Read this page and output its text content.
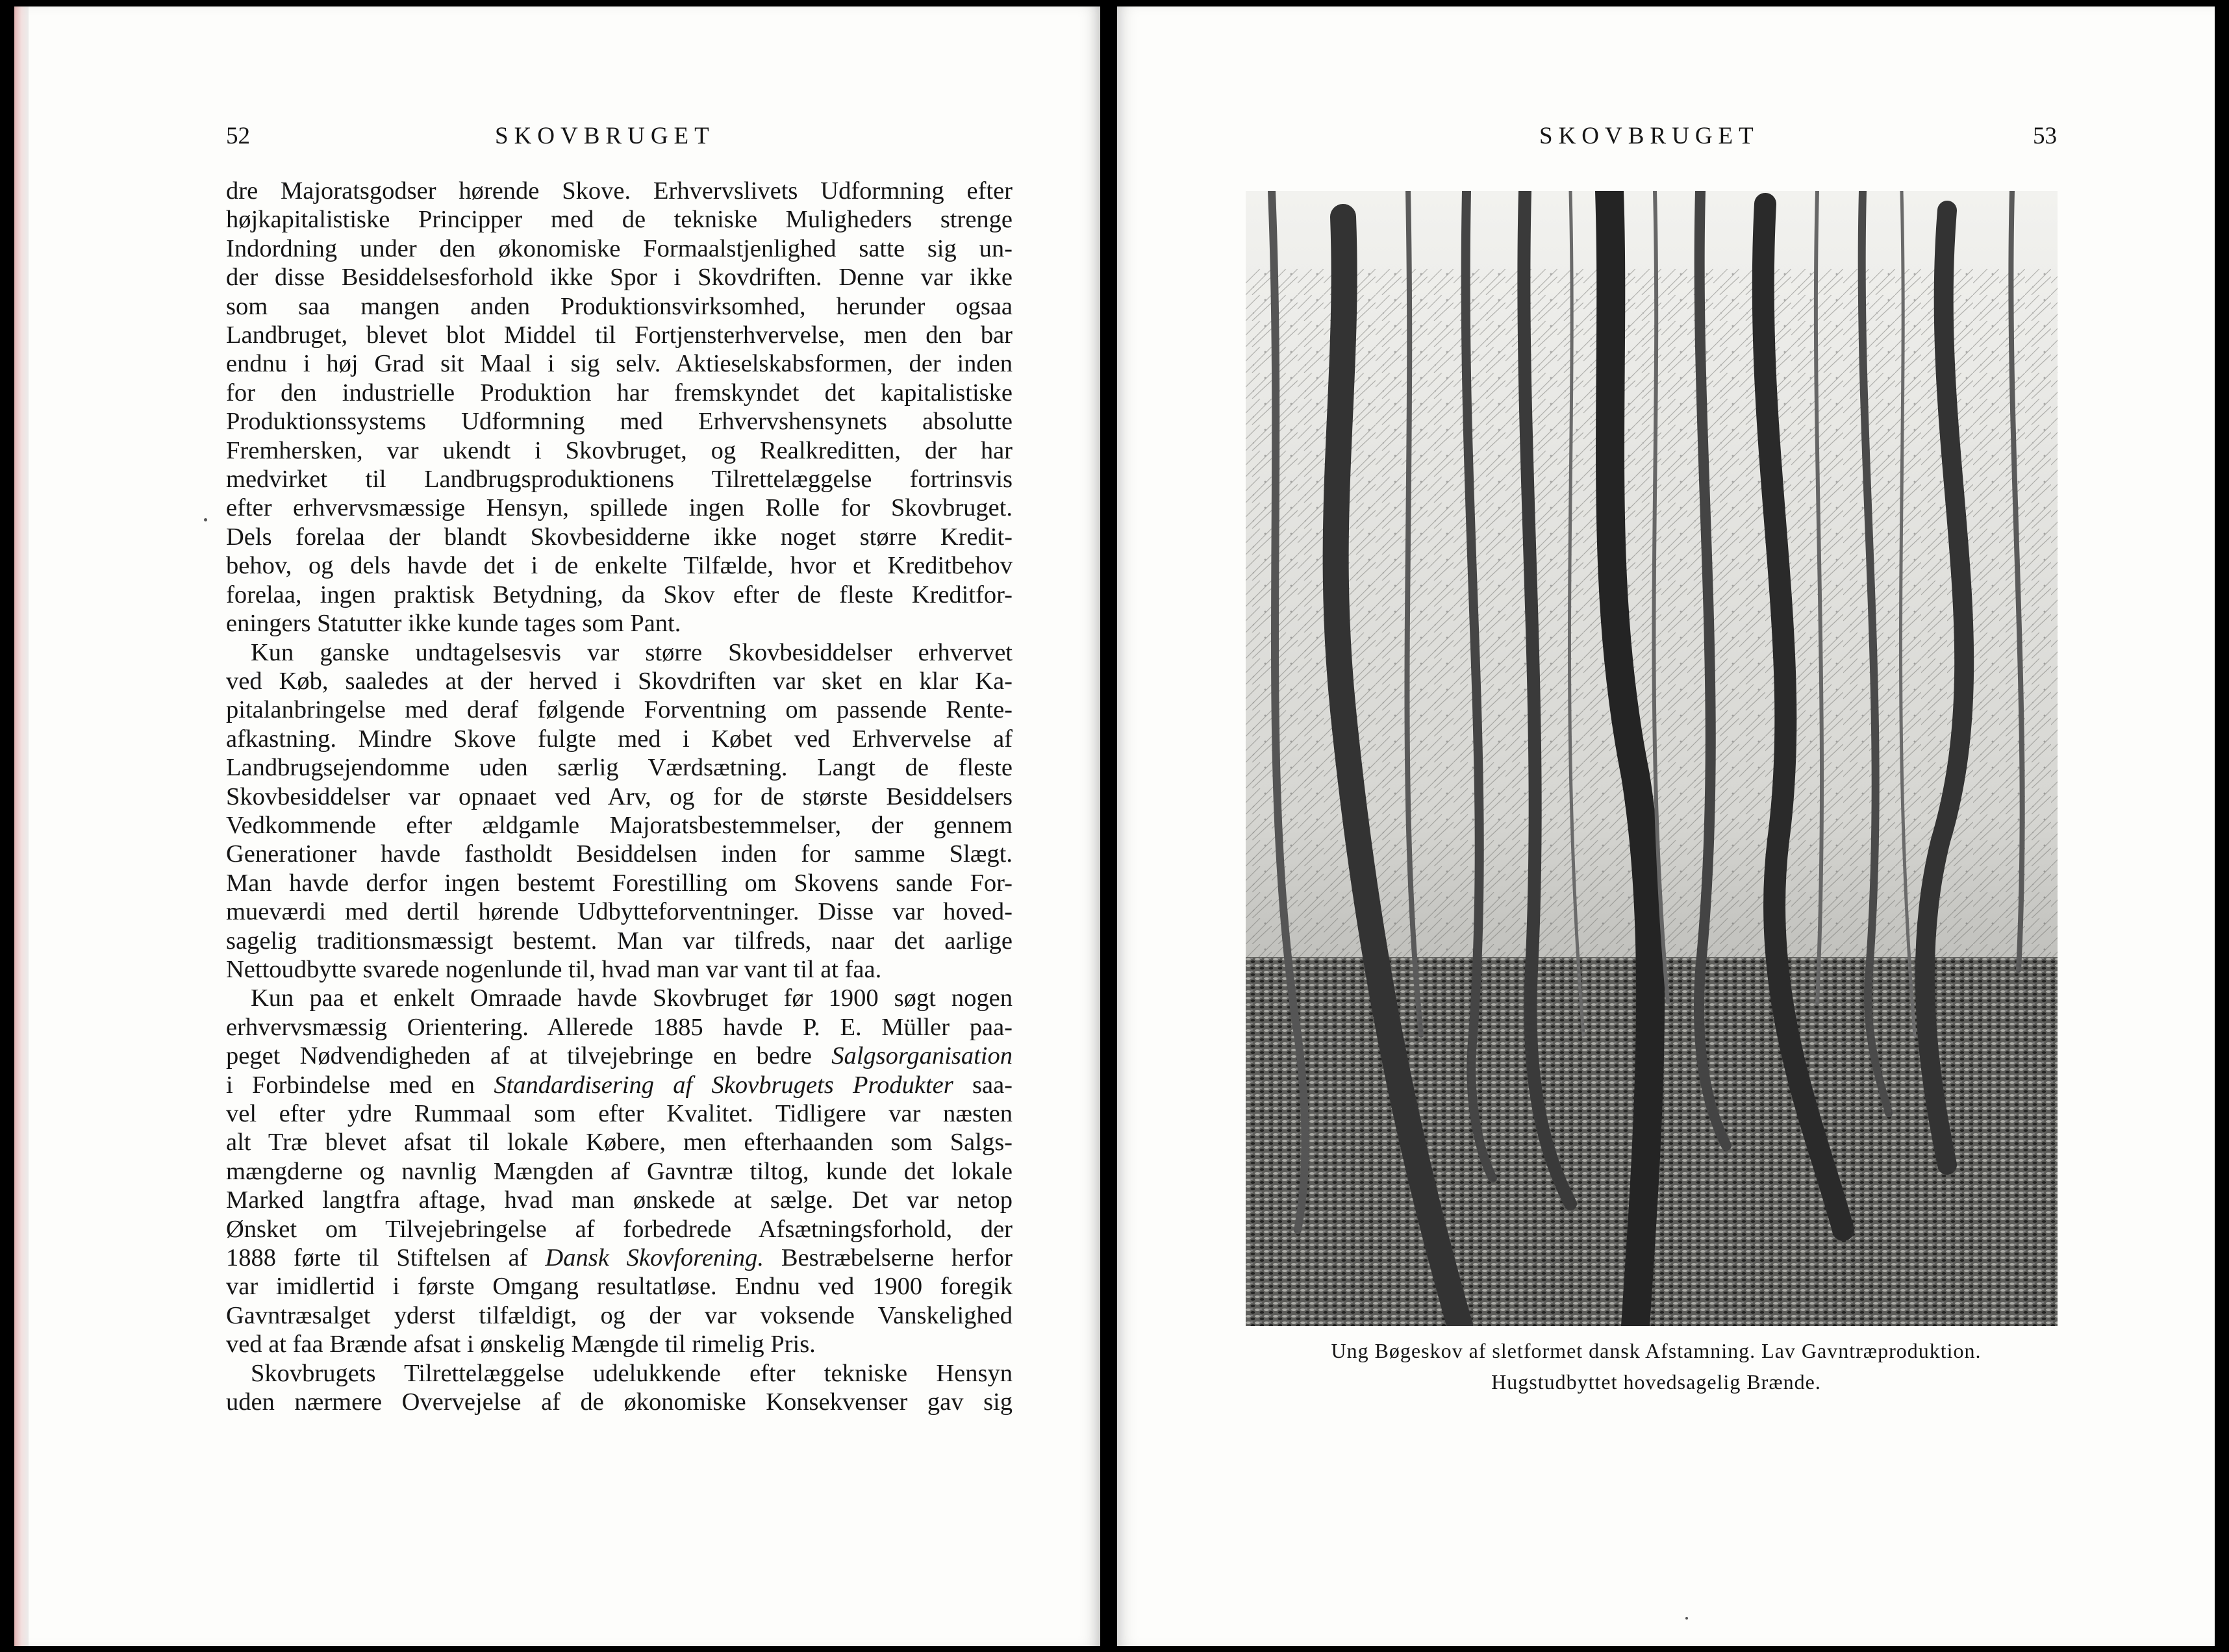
52	SKOVBRUGET
dre Majoratsgodser hørende Skove. Erhvervslivets Udformning efter
højkapitalistiske Principper med de tekniske Muligheders strenge
Indordning under den økonomiske Formaalstjenlighed satte sig un-
der disse Besiddelsesforhold ikke Spor i Skovdriften. Denne var ikke
som saa mangen anden Produktionsvirksomhed, herunder ogsaa
Landbruget, blevet blot Middel til Fortjensterhvervelse, men den bar
endnu i høj Grad sit Maal i sig selv. Aktieselskabsformen, der inden
for den industrielle Produktion har fremskyndet det kapitalistiske
Produktionssystems Udformning med Erhvervshensynets absolutte
Fremhersken, var ukendt i Skovbruget, og Realkreditten, der har
medvirket til Landbrugsproduktionens Tilrettelæggelse fortrinsvis
efter erhvervsmæssige Hensyn, spillede ingen Rolle for Skovbruget.
Dels forelaa der blandt Skovbesidderne ikke noget større Kredit-
behov, og dels havde det i de enkelte Tilfælde, hvor et Kreditbehov
forelaa, ingen praktisk Betydning, da Skov efter de fleste Kreditfor-
eningers Statutter ikke kunde tages som Pant.
Kun ganske undtagelsesvis var større Skovbesiddelser erhvervet
ved Køb, saaledes at der herved i Skovdriften var sket en klar Ka-
pitalanbringelse med deraf følgende Forventning om passende Rente-
afkastning. Mindre Skove fulgte med i Købet ved Erhvervelse af
Landbrugsejendomme uden særlig Værdsætning. Langt de fleste
Skovbesiddelser var opnaaet ved Arv, og for de største Besiddelsers
Vedkommende efter ældgamle Majoratsbestemmelser, der gennem
Generationer havde fastholdt Besiddelsen inden for samme Slægt.
Man havde derfor ingen bestemt Forestilling om Skovens sande For-
mueværdi med dertil hørende Udbytteforventninger. Disse var hoved-
sagelig traditionsmæssigt bestemt. Man var tilfreds, naar det aarlige
Nettoudbytte svarede nogenlunde til, hvad man var vant til at faa.
Kun paa et enkelt Omraade havde Skovbruget før 1900 søgt nogen
erhvervsmæssig Orientering. Allerede 1885 havde P. E. Müller paa-
peget Nødvendigheden af at tilvejebringe en bedre Salgsorganisation
i Forbindelse med en Standardisering af Skovbrugets Produkter saa-
vel efter ydre Rummaal som efter Kvalitet. Tidligere var næsten
alt Træ blevet afsat til lokale Købere, men efterhaanden som Salgs-
mængderne og navnlig Mængden af Gavntræ tiltog, kunde det lokale
Marked langtfra aftage, hvad man ønskede at sælge. Det var netop
Ønsket om Tilvejebringelse af forbedrede Afsætningsforhold, der
1888 førte til Stiftelsen af Dansk Skovforening. Bestræbelserne herfor
var imidlertid i første Omgang resultatløse. Endnu ved 1900 foregik
Gavntræsalget yderst tilfældigt, og der var voksende Vanskelighed
ved at faa Brænde afsat i ønskelig Mængde til rimelig Pris.
Skovbrugets Tilrettelæggelse udelukkende efter tekniske Hensyn
uden nærmere Overvejelse af de økonomiske Konsekvenser gav sig
SKOVBRUGET	53
Ung Bøgeskov af sletformet dansk Afstamning. Lav Gavntræproduktion.
Hugstudbyttet hovedsagelig Brænde.
